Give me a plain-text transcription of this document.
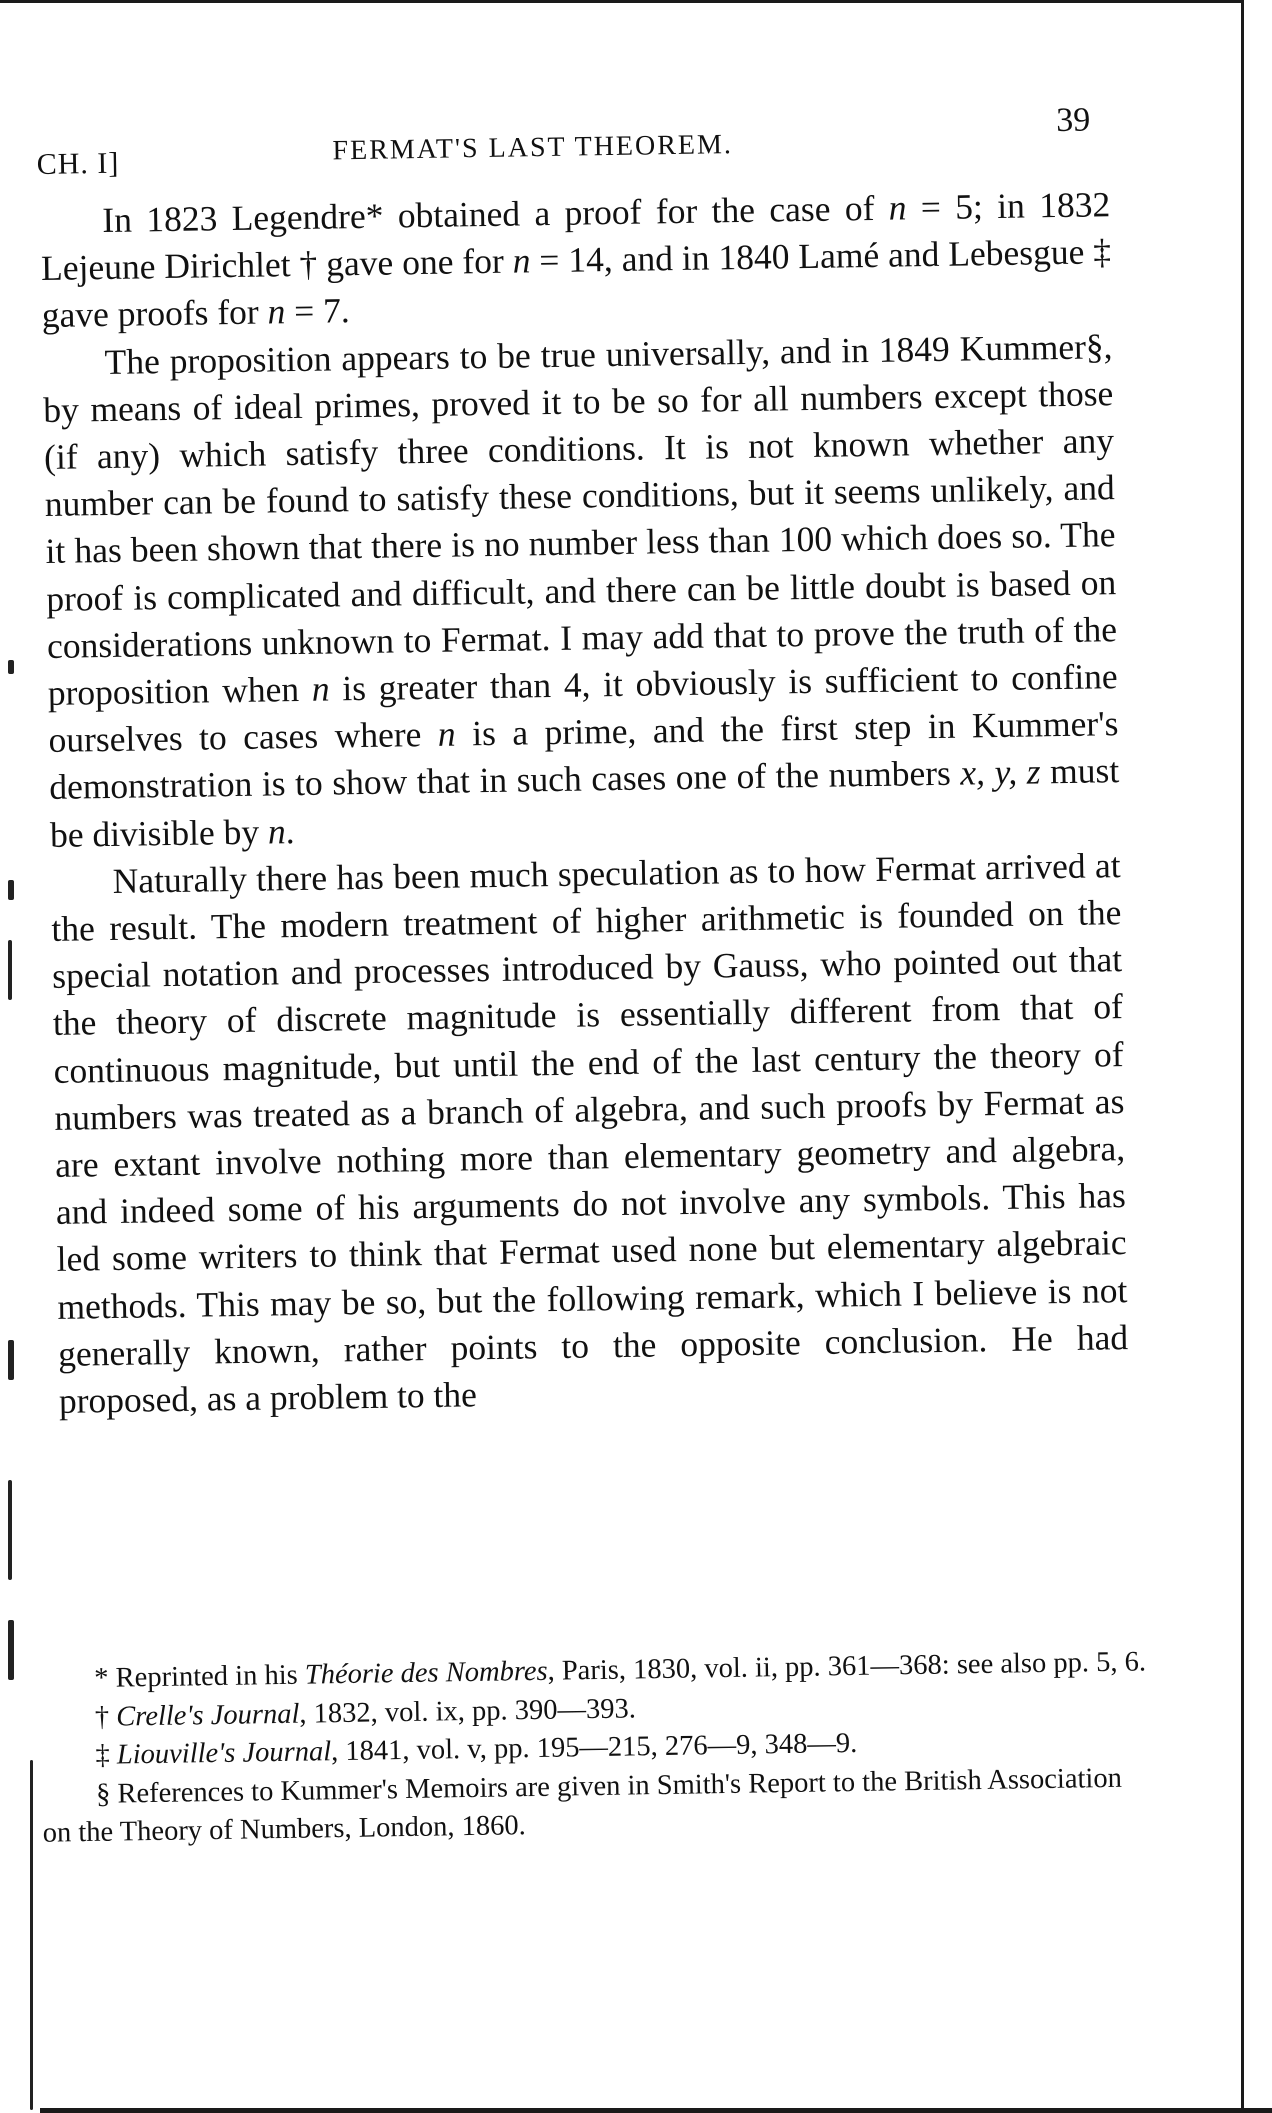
CH. I]	FERMAT'S LAST THEOREM.
39

In 1823 Legendre* obtained a proof for the case of n = 5; in 1832 Lejeune Dirichlet † gave one for n = 14, and in 1840 Lamé and Lebesgue ‡ gave proofs for n = 7.

The proposition appears to be true universally, and in 1849 Kummer§, by means of ideal primes, proved it to be so for all numbers except those (if any) which satisfy three conditions. It is not known whether any number can be found to satisfy these conditions, but it seems unlikely, and it has been shown that there is no number less than 100 which does so. The proof is complicated and difficult, and there can be little doubt is based on considerations unknown to Fermat. I may add that to prove the truth of the proposition when n is greater than 4, it obviously is sufficient to confine ourselves to cases where n is a prime, and the first step in Kummer's demonstration is to show that in such cases one of the numbers x, y, z must be divisible by n.

Naturally there has been much speculation as to how Fermat arrived at the result. The modern treatment of higher arithmetic is founded on the special notation and processes introduced by Gauss, who pointed out that the theory of discrete magnitude is essentially different from that of continuous magnitude, but until the end of the last century the theory of numbers was treated as a branch of algebra, and such proofs by Fermat as are extant involve nothing more than elementary geometry and algebra, and indeed some of his arguments do not involve any symbols. This has led some writers to think that Fermat used none but elementary algebraic methods. This may be so, but the following remark, which I believe is not generally known, rather points to the opposite conclusion. He had proposed, as a problem to the

* Reprinted in his Théorie des Nombres, Paris, 1830, vol. ii, pp. 361—368: see also pp. 5, 6.

† Crelle's Journal, 1832, vol. ix, pp. 390—393.

‡ Liouville's Journal, 1841, vol. v, pp. 195—215, 276—9, 348—9.

§ References to Kummer's Memoirs are given in Smith's Report to the British Association on the Theory of Numbers, London, 1860.
